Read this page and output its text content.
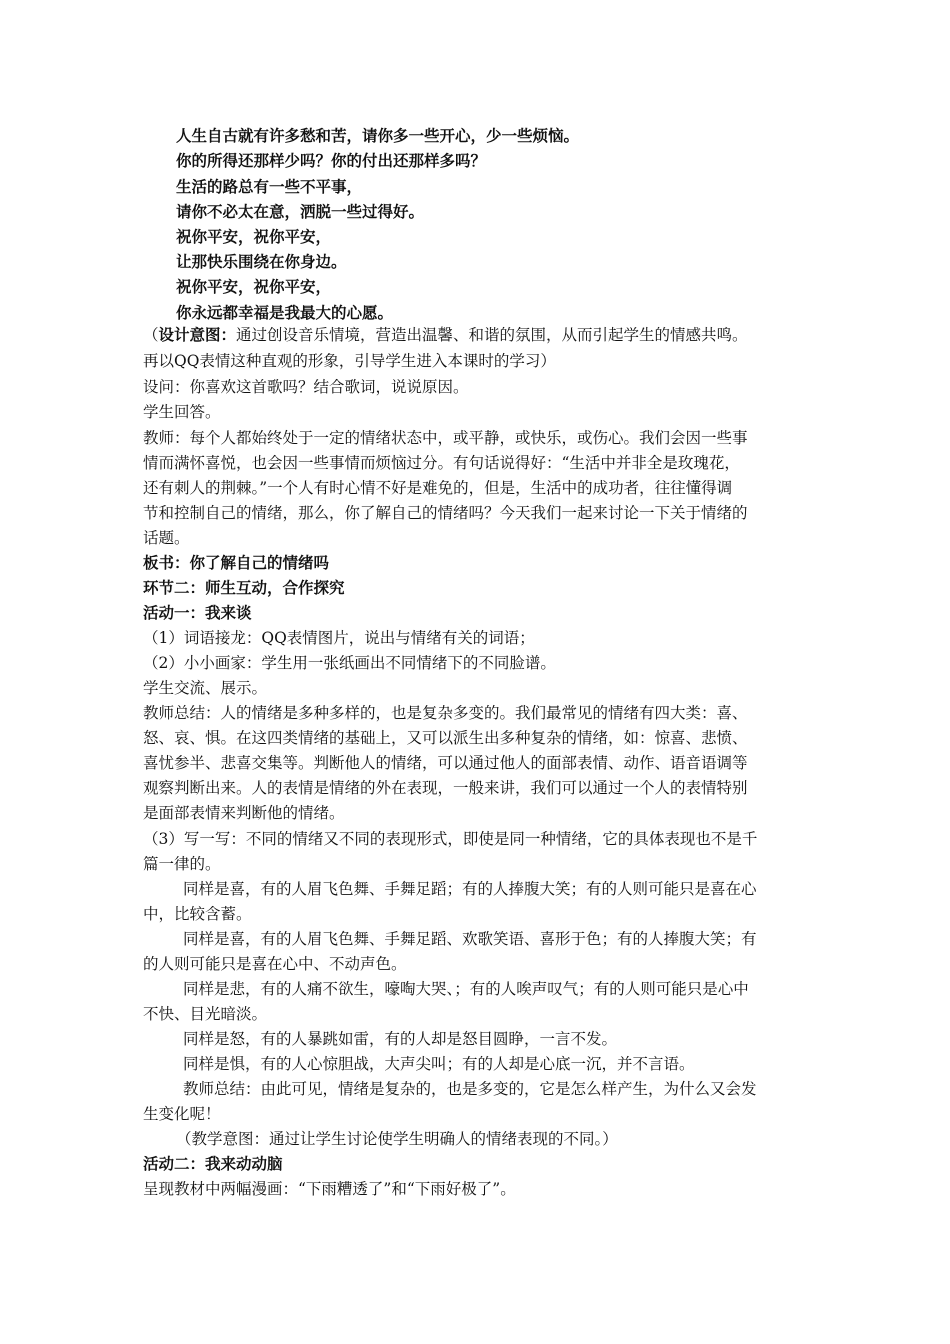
人生自古就有许多愁和苦，请你多一些开心，少一些烦恼。
你的所得还那样少吗？你的付出还那样多吗？
生活的路总有一些不平事，
请你不必太在意，洒脱一些过得好。
祝你平安，祝你平安，
让那快乐围绕在你身边。
祝你平安，祝你平安，
你永远都幸福是我最大的心愿。
（设计意图：通过创设音乐情境，营造出温馨、和谐的氛围，从而引起学生的情感共鸣。
再以QQ表情这种直观的形象，引导学生进入本课时的学习）
设问：你喜欢这首歌吗？结合歌词，说说原因。
学生回答。
教师：每个人都始终处于一定的情绪状态中，或平静，或快乐，或伤心。我们会因一些事
情而满怀喜悦，也会因一些事情而烦恼过分。有句话说得好：“生活中并非全是玫瑰花，
还有刺人的荆棘。”一个人有时心情不好是难免的，但是，生活中的成功者，往往懂得调
节和控制自己的情绪，那么，你了解自己的情绪吗？今天我们一起来讨论一下关于情绪的
话题。
板书：你了解自己的情绪吗
环节二：师生互动，合作探究
活动一：我来谈
（1）词语接龙：QQ表情图片，说出与情绪有关的词语；
（2）小小画家：学生用一张纸画出不同情绪下的不同脸谱。
学生交流、展示。
教师总结：人的情绪是多种多样的，也是复杂多变的。我们最常见的情绪有四大类：喜、
怒、哀、惧。在这四类情绪的基础上，又可以派生出多种复杂的情绪，如：惊喜、悲愤、
喜忧参半、悲喜交集等。判断他人的情绪，可以通过他人的面部表情、动作、语音语调等
观察判断出来。人的表情是情绪的外在表现，一般来讲，我们可以通过一个人的表情特别
是面部表情来判断他的情绪。
（3）写一写：不同的情绪又不同的表现形式，即使是同一种情绪，它的具体表现也不是千
篇一律的。
同样是喜，有的人眉飞色舞、手舞足蹈；有的人捧腹大笑；有的人则可能只是喜在心
中，比较含蓄。
同样是喜，有的人眉飞色舞、手舞足蹈、欢歌笑语、喜形于色；有的人捧腹大笑；有
的人则可能只是喜在心中、不动声色。
同样是悲，有的人痛不欲生，嚎啕大哭、；有的人唉声叹气；有的人则可能只是心中
不快、目光暗淡。
同样是怒，有的人暴跳如雷，有的人却是怒目圆睁，一言不发。
同样是惧，有的人心惊胆战，大声尖叫；有的人却是心底一沉，并不言语。
教师总结：由此可见，情绪是复杂的，也是多变的，它是怎么样产生，为什么又会发
生变化呢！
（教学意图：通过让学生讨论使学生明确人的情绪表现的不同。）
活动二：我来动动脑
呈现教材中两幅漫画：“下雨糟透了”和“下雨好极了”。
